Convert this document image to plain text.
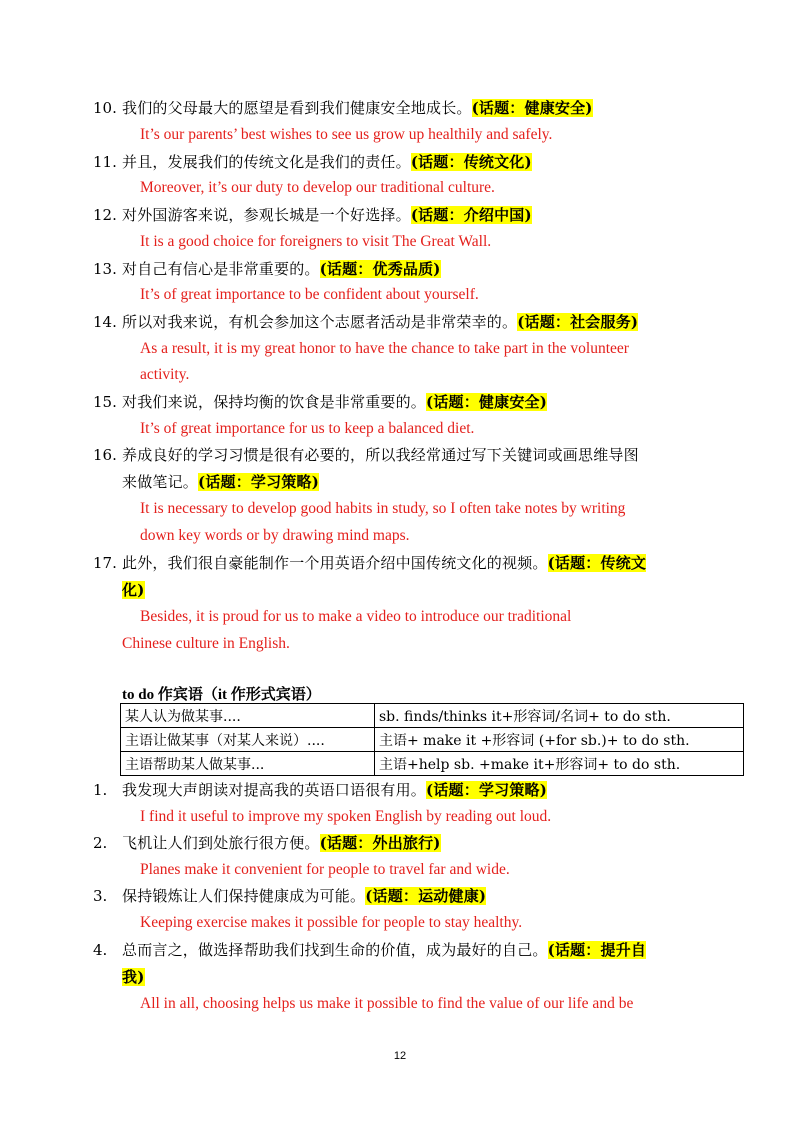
10. 我们的父母最大的愿望是看到我们健康安全地成长。(话题：健康安全)
It’s our parents’ best wishes to see us grow up healthily and safely.
11. 并且，发展我们的传统文化是我们的责任。(话题：传统文化)
Moreover, it’s our duty to develop our traditional culture.
12. 对外国游客来说，参观长城是一个好选择。(话题：介绍中国)
It is a good choice for foreigners to visit The Great Wall.
13. 对自己有信心是非常重要的。(话题：优秀品质)
It’s of great importance to be confident about yourself.
14. 所以对我来说，有机会参加这个志愿者活动是非常荣幸的。(话题：社会服务)
As a result, it is my great honor to have the chance to take part in the volunteer
activity.
15. 对我们来说，保持均衡的饮食是非常重要的。(话题：健康安全)
It’s of great importance for us to keep a balanced diet.
16. 养成良好的学习习惯是很有必要的，所以我经常通过写下关键词或画思维导图
来做笔记。(话题：学习策略)
It is necessary to develop good habits in study, so I often take notes by writing
down key words or by drawing mind maps.
17. 此外，我们很自豪能制作一个用英语介绍中国传统文化的视频。(话题：传统文
化)
Besides, it is proud for us to make a video to introduce our traditional
Chinese culture in English.
to do 作宾语（it 作形式宾语）
某人认为做某事....	sb. finds/thinks it+形容词/名词+ to do sth.
主语让做某事（对某人来说）....	主语+ make it +形容词 (+for sb.)+ to do sth.
主语帮助某人做某事...	主语+help sb. +make it+形容词+ to do sth.
1. 我发现大声朗读对提高我的英语口语很有用。(话题：学习策略)
I find it useful to improve my spoken English by reading out loud.
2. 飞机让人们到处旅行很方便。(话题：外出旅行)
Planes make it convenient for people to travel far and wide.
3. 保持锻炼让人们保持健康成为可能。(话题：运动健康)
Keeping exercise makes it possible for people to stay healthy.
4. 总而言之，做选择帮助我们找到生命的价值，成为最好的自己。(话题：提升自
我)
All in all, choosing helps us make it possible to find the value of our life and be
12
